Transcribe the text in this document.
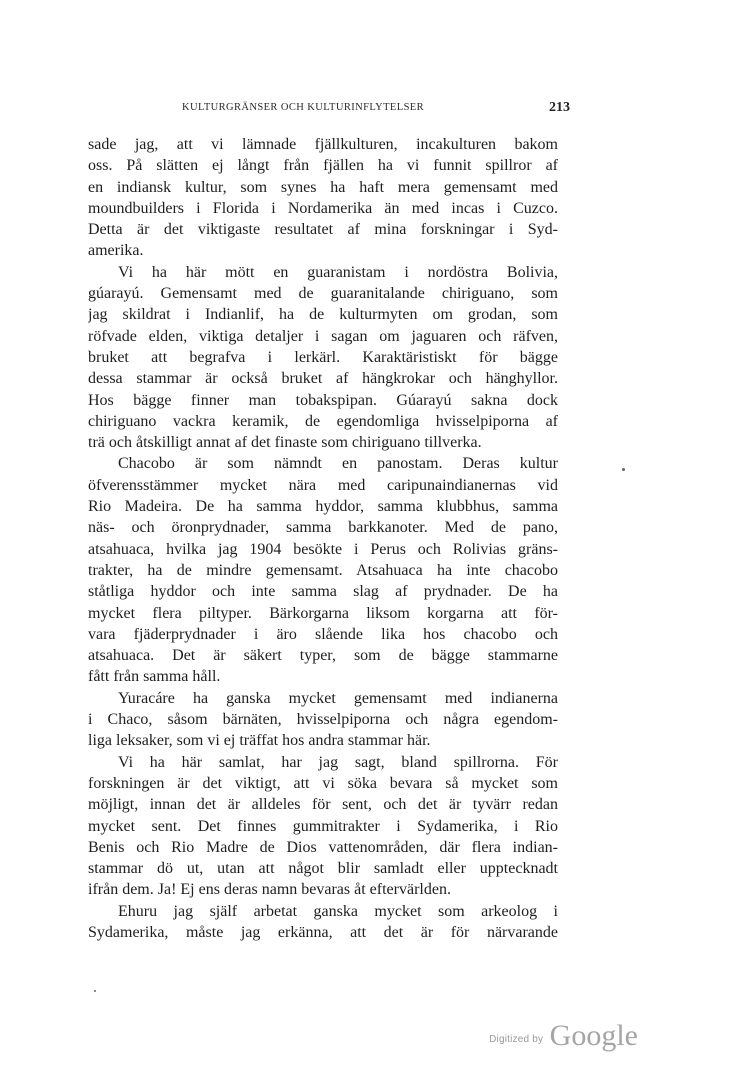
KULTURGRÄNSER OCH KULTURINFLYTELSER	213
sade jag, att vi lämnade fjällkulturen, incakulturen bakom
oss. På slätten ej långt från fjällen ha vi funnit spillror af
en indiansk kultur, som synes ha haft mera gemensamt med
moundbuilders i Florida i Nordamerika än med incas i Cuzco.
Detta är det viktigaste resultatet af mina forskningar i Syd-
amerika.
Vi ha här mött en guaranistam i nordöstra Bolivia,
gúarayú. Gemensamt med de guaranitalande chiriguano, som
jag skildrat i Indianlif, ha de kulturmyten om grodan, som
röfvade elden, viktiga detaljer i sagan om jaguaren och räfven,
bruket att begrafva i lerkärl. Karaktäristiskt för bägge
dessa stammar är också bruket af hängkrokar och hänghyllor.
Hos bägge finner man tobakspipan. Gúarayú sakna dock
chiriguano vackra keramik, de egendomliga hvisselpiporna af
trä och åtskilligt annat af det finaste som chiriguano tillverka.
Chacobo är som nämndt en panostam. Deras kultur
öfverensstämmer mycket nära med caripunaindianernas vid
Rio Madeira. De ha samma hyddor, samma klubbhus, samma
näs- och öronprydnader, samma barkkanoter. Med de pano,
atsahuaca, hvilka jag 1904 besökte i Perus och Rolivias gräns-
trakter, ha de mindre gemensamt. Atsahuaca ha inte chacobo
ståtliga hyddor och inte samma slag af prydnader. De ha
mycket flera piltyper. Bärkorgarna liksom korgarna att för-
vara fjäderprydnader i äro slående lika hos chacobo och
atsahuaca. Det är säkert typer, som de bägge stammarne
fått från samma håll.
Yuracáre ha ganska mycket gemensamt med indianerna
i Chaco, såsom bärnäten, hvisselpiporna och några egendom-
liga leksaker, som vi ej träffat hos andra stammar här.
Vi ha här samlat, har jag sagt, bland spillrorna. För
forskningen är det viktigt, att vi söka bevara så mycket som
möjligt, innan det är alldeles för sent, och det är tyvärr redan
mycket sent. Det finnes gummitrakter i Sydamerika, i Rio
Benis och Rio Madre de Dios vattenområden, där flera indian-
stammar dö ut, utan att något blir samladt eller upptecknadt
ifrån dem. Ja! Ej ens deras namn bevaras åt eftervärlden.
Ehuru jag själf arbetat ganska mycket som arkeolog i
Sydamerika, måste jag erkänna, att det är för närvarande
Digitized by Google
